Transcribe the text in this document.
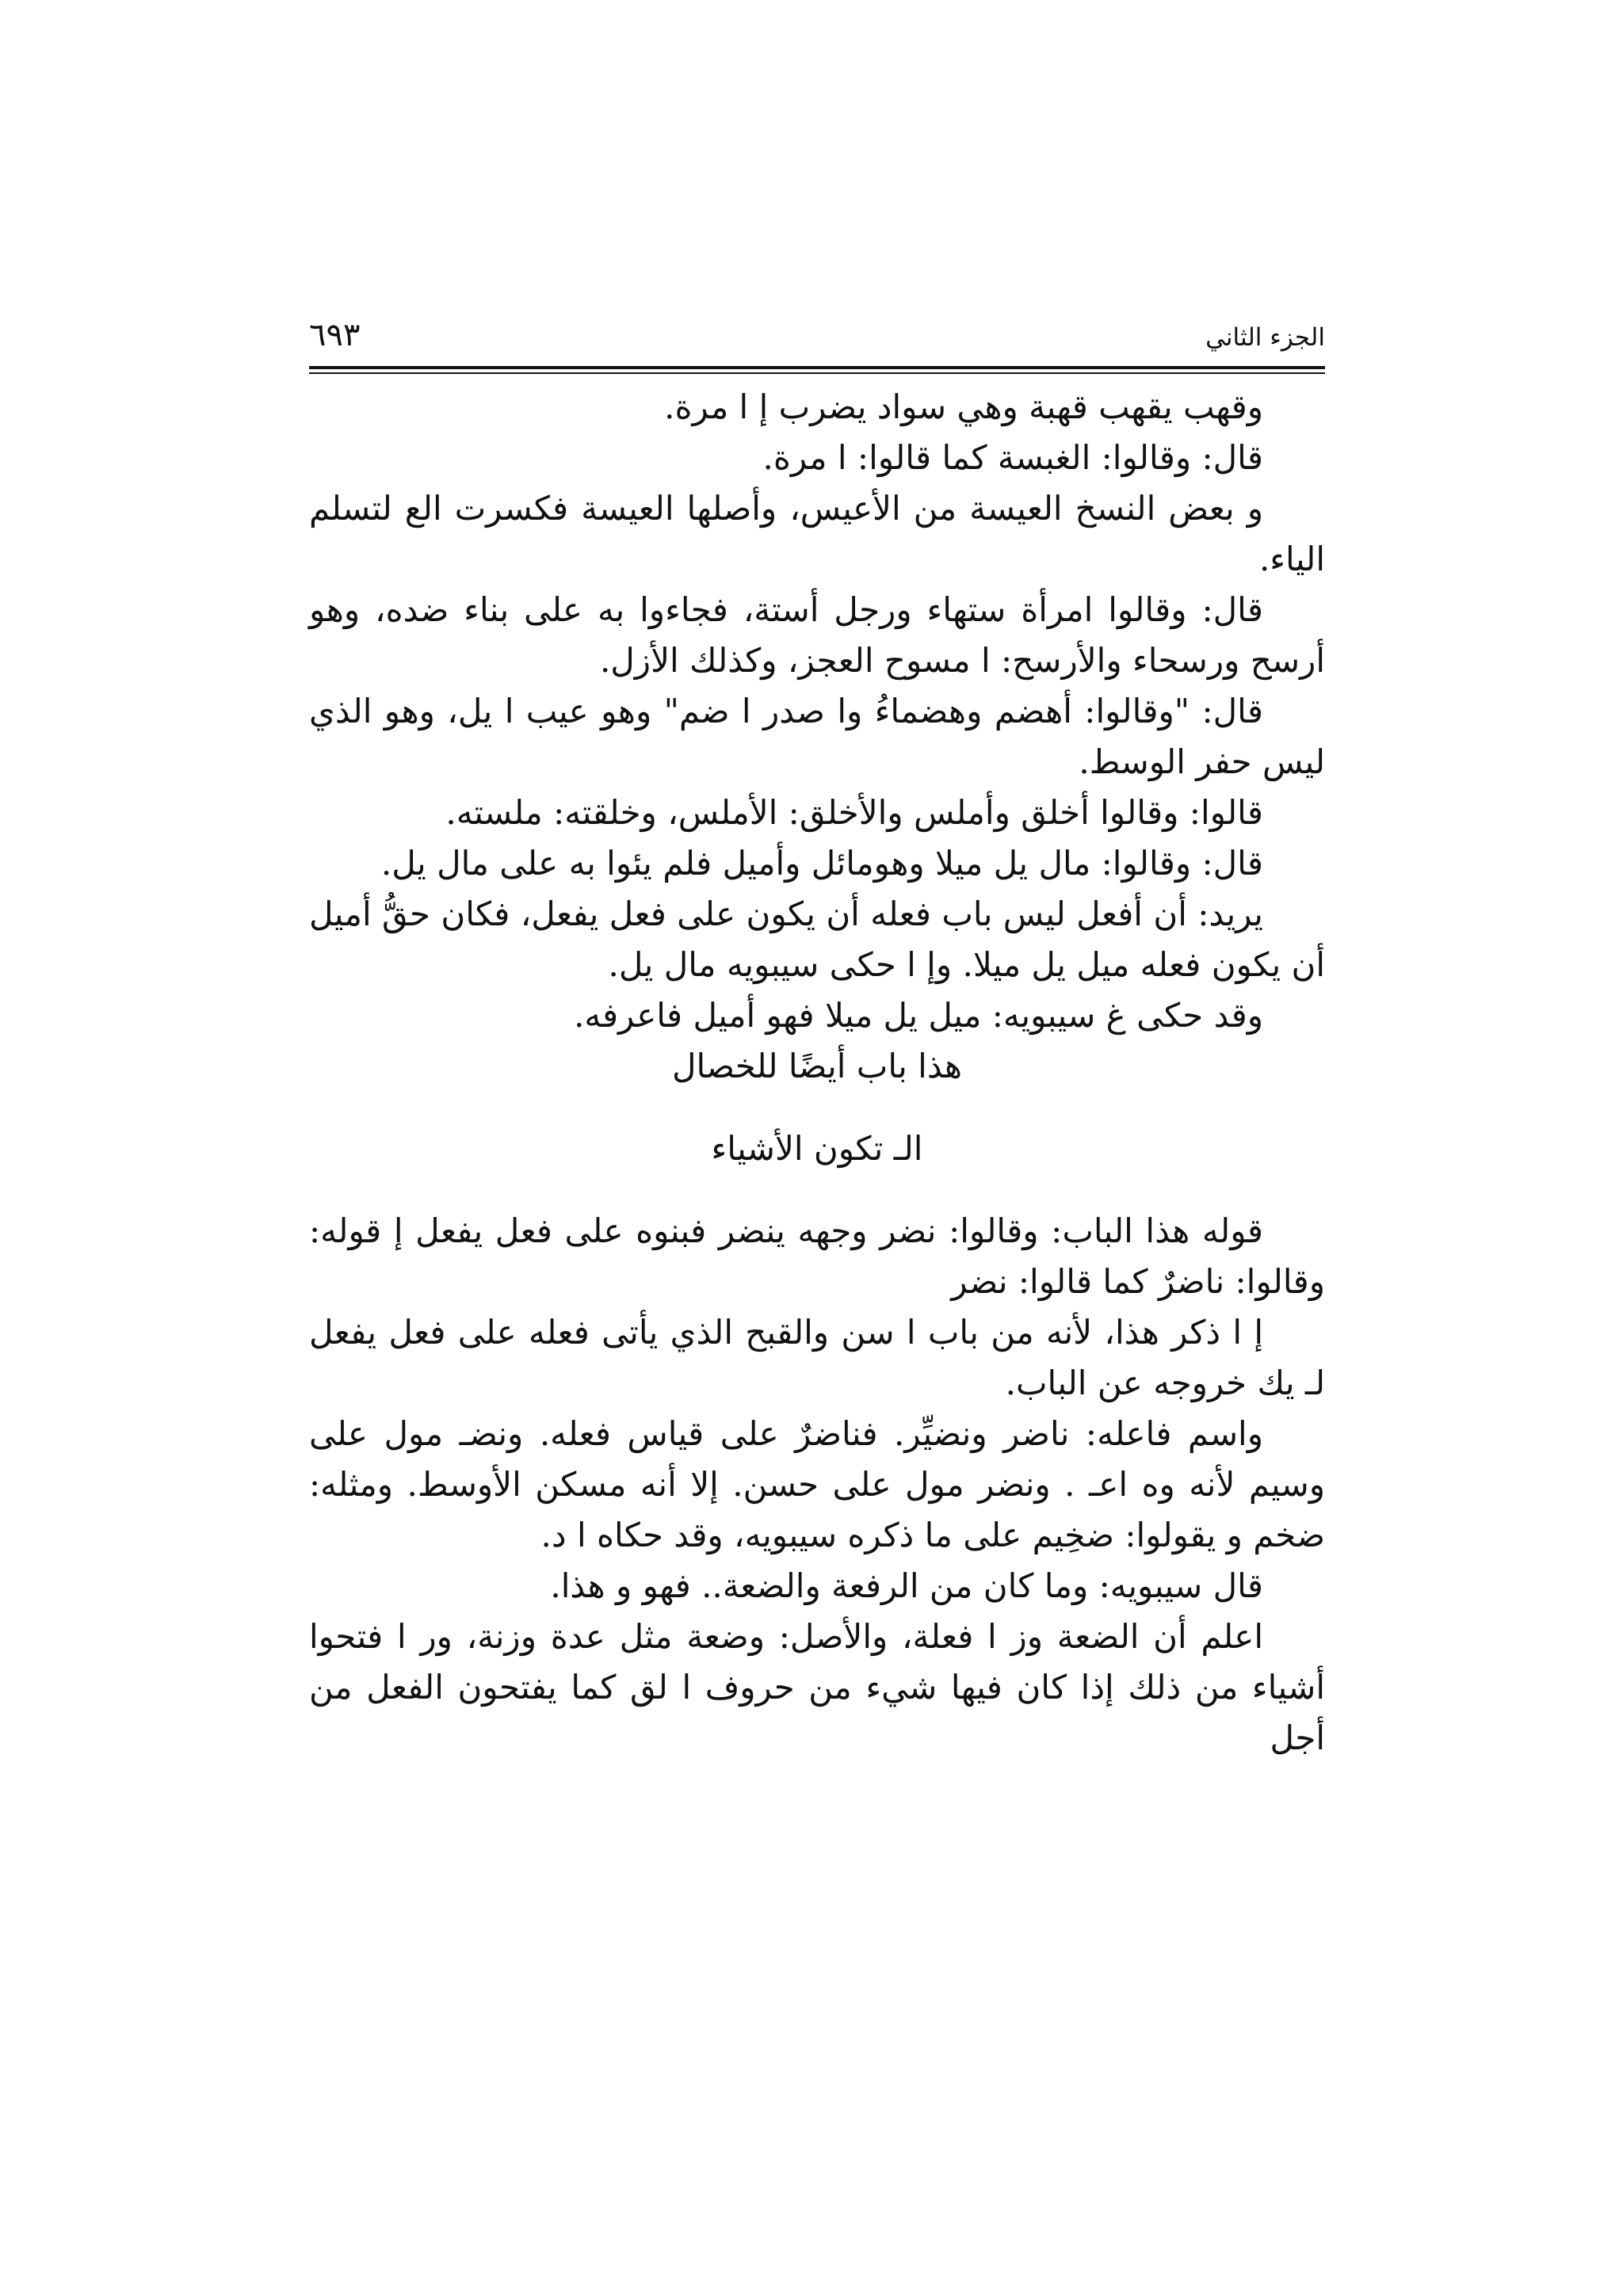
الجزء الثاني
٦٩٣

وقهب يقهب قهبة وهي سواد يضرب إ ا مرة.

قال: وقالوا: الغبسة كما قالوا: ا مرة.

و بعض النسخ العيسة من الأعيس، وأصلها العيسة فكسرت الع لتسلم الياء.

قال: وقالوا امرأة ستهاء ورجل أستة، فجاءوا به على بناء ضده، وهو أرسح ورسحاء والأرسح: ا مسوح العجز، وكذلك الأزل.

قال: "وقالوا: أهضم وهضماءُ وا صدر ا ضم" وهو عيب ا يل، وهو الذي ليس حفر الوسط.

قالوا: وقالوا أخلق وأملس والأخلق: الأملس، وخلقته: ملسته.

قال: وقالوا: مال يل ميلا وهومائل وأميل فلم يئوا به على مال يل.

يريد: أن أفعل ليس باب فعله أن يكون على فعل يفعل، فكان حقُّ أميل أن يكون فعله ميل يل ميلا. وإ ا حكى سيبويه مال يل.

وقد حكى غ سيبويه: ميل يل ميلا فهو أميل فاعرفه.

هذا باب أيضًا للخصال
الـ تكون الأشياء

قوله هذا الباب: وقالوا: نضر وجهه ينضر فبنوه على فعل يفعل إ قوله: وقالوا: ناضرٌ كما قالوا: نضر

إ ا ذكر هذا، لأنه من باب ا سن والقبح الذي يأتى فعله على فعل يفعل لـ يك خروجه عن الباب.

واسم فاعله: ناضر ونضيِّر. فناضرٌ على قياس فعله. ونضـ مول على وسيم لأنه وه اعـ . ونضر مول على حسن. إلا أنه مسكن الأوسط. ومثله: ضخم و يقولوا: ضخِيم على ما ذكره سيبويه، وقد حكاه ا د.

قال سيبويه: وما كان من الرفعة والضعة.. فهو و هذا.

اعلم أن الضعة وز ا فعلة، والأصل: وضعة مثل عدة وزنة، ور ا فتحوا أشياء من ذلك إذا كان فيها شيء من حروف ا لق كما يفتحون الفعل من أجل
